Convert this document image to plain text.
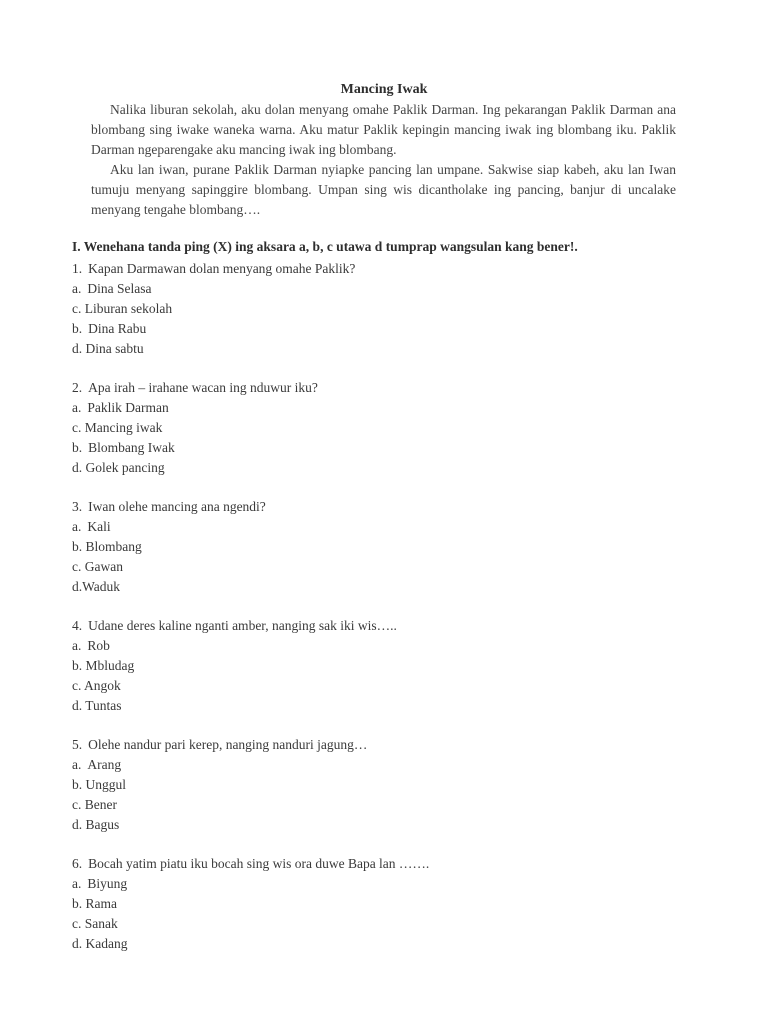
Mancing Iwak

Nalika liburan sekolah, aku dolan menyang omahe Paklik Darman. Ing pekarangan Paklik Darman ana blombang sing iwake waneka warna. Aku matur Paklik kepingin mancing iwak ing blombang iku. Paklik Darman ngeparengake aku mancing iwak ing blombang.

Aku lan iwan, purane Paklik Darman nyiapke pancing lan umpane. Sakwise siap kabeh, aku lan Iwan tumuju menyang sapinggire blombang. Umpan sing wis dicantholake ing pancing, banjur di uncalake menyang tengahe blombang….

I. Wenehana tanda ping (X) ing aksara a, b, c utawa d tumprap wangsulan kang bener!.
1. Kapan Darmawan dolan menyang omahe Paklik?
a. Dina Selasa
c. Liburan sekolah
b. Dina Rabu
d. Dina sabtu
2. Apa irah – irahane wacan ing nduwur iku?
a. Paklik Darman
c. Mancing iwak
b. Blombang Iwak
d. Golek pancing
3. Iwan olehe mancing ana ngendi?
a. Kali
b. Blombang
c. Gawan
d.Waduk
4. Udane deres kaline nganti amber, nanging sak iki wis…..
a. Rob
b. Mbludag
c. Angok
d. Tuntas
5. Olehe nandur pari kerep, nanging nanduri jagung…
a. Arang
b. Unggul
c. Bener
d. Bagus
6. Bocah yatim piatu iku bocah sing wis ora duwe Bapa lan …….
a. Biyung
b. Rama
c. Sanak
d. Kadang
